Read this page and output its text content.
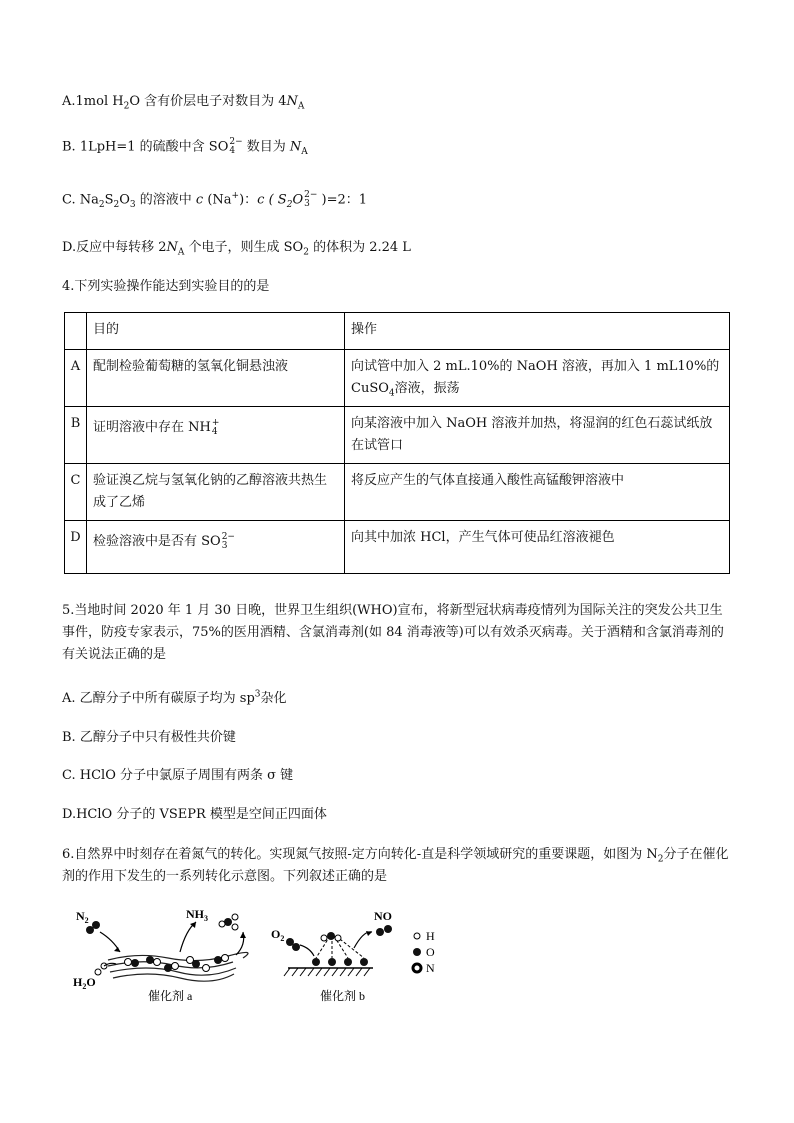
A.1mol $H_2O$ 含有价层电子对数目为 $4N_A$
B. 1LpH=1 的硫酸中含 SO 2−
4 数目为 $N_A$
C. $Na_2S_2O_3$ 的溶液中 c (Na+)：c ( $S_2O$ 2−
3 )=2：1
D.反应中每转移 $2N_A$ 个电子，则生成 $SO_2$ 的体积为 2.24 L
4.下列实验操作能达到实验目的的是
	目的	操作
A	配制检验葡萄糖的氢氧化铜悬浊液	向试管中加入 2 mL.10%的 NaOH 溶液，再加入 1 mL10%的
CuSO$_4$溶液，振荡
B	证明溶液中存在 NH +
4	向某溶液中加入 NaOH 溶液并加热，将湿润的红色石蕊试纸放在试管口
C	验证溴乙烷与氢氧化钠的乙醇溶液共热生成了乙烯	将反应产生的气体直接通入酸性高锰酸钾溶液中
D	检验溶液中是否有 SO 2−
3	向其中加浓 HCl，产生气体可使品红溶液褪色
5.当地时间 2020 年 1 月 30 日晚，世界卫生组织(WHO)宣布，将新型冠状病毒疫情列为国际关注的突发公共卫生事件，防疫专家表示，75%的医用酒精、含氯消毒剂(如 84 消毒液等)可以有效杀灭病毒。关于酒精和含氯消毒剂的有关说法正确的是
A. 乙醇分子中所有碳原子均为 $sp^3$杂化
B. 乙醇分子中只有极性共价键
C. HClO 分子中氯原子周围有两条 σ 键
D.HClO 分子的 VSEPR 模型是空间正四面体
6.自然界中时刻存在着氮气的转化。实现氮气按照-定方向转化-直是科学领域研究的重要课题，如图为 $N_2$分子在催化剂的作用下发生的一系列转化示意图。下列叙述正确的是
$N_2$	$NH_3$
$H_2O$
催化剂 a
$O_2$
NO
催化剂 b
H
O
N
